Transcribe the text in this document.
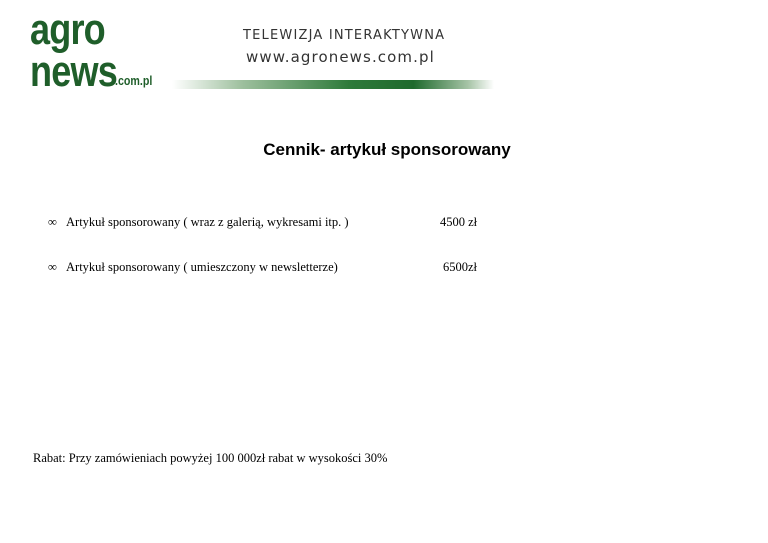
agro
news
.com.pl
TELEWIZJA INTERAKTYWNA
www.agronews.com.pl
Cennik- artykuł sponsorowany
∞ Artykuł sponsorowany ( wraz z galerią, wykresami itp. )	4500 zł
∞ Artykuł sponsorowany ( umieszczony w newsletterze)	6500zł
Rabat: Przy zamówieniach powyżej 100 000zł rabat w wysokości 30%
